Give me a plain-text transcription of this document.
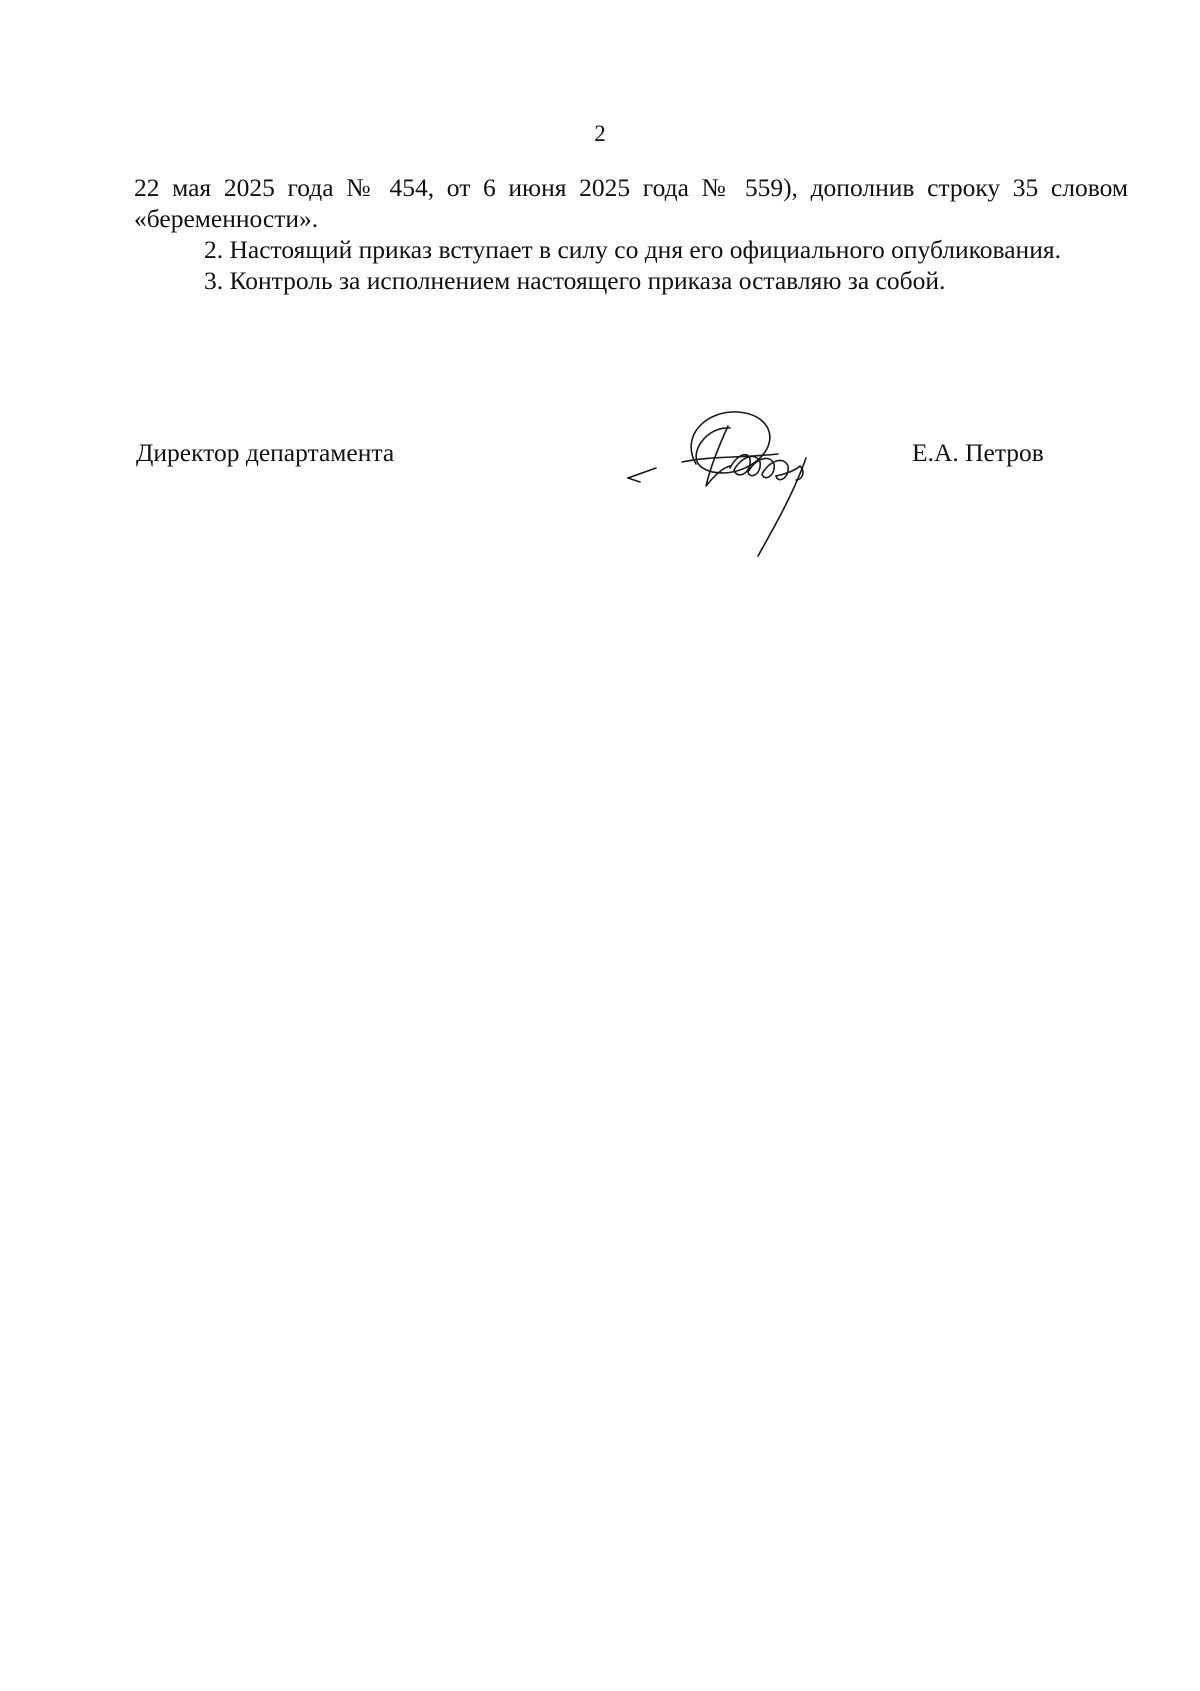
2

22 мая 2025 года № 454, от 6 июня 2025 года № 559), дополнив строку 35 словом «беременности».

2. Настоящий приказ вступает в силу со дня его официального опубликования.

3. Контроль за исполнением настоящего приказа оставляю за собой.

Директор департамента	Е.А. Петров
